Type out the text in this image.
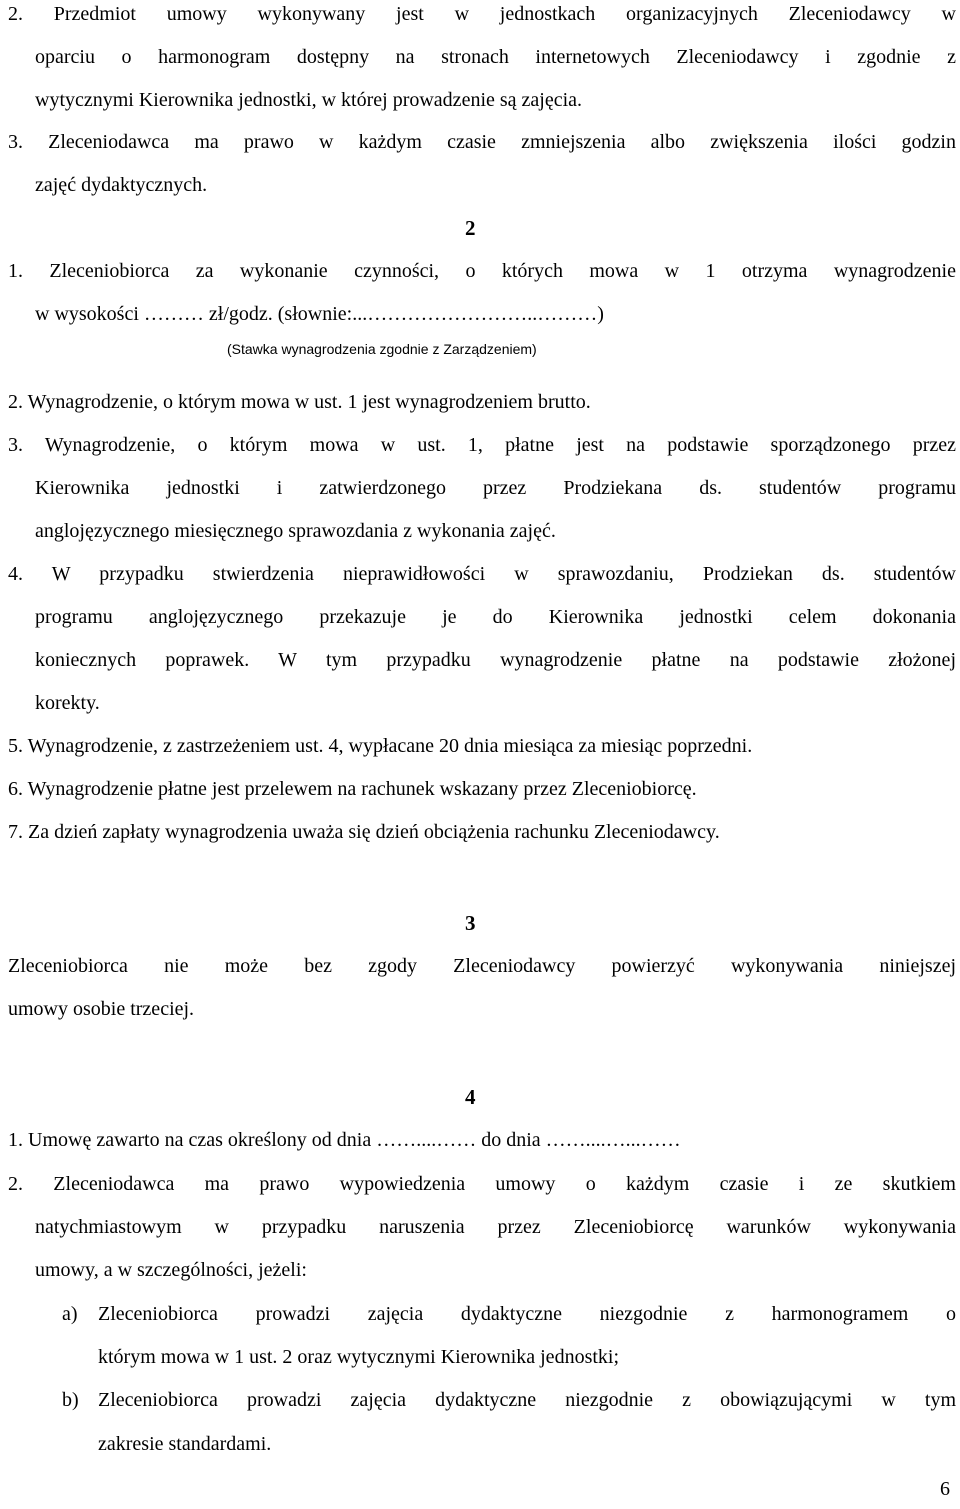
2. Przedmiot umowy wykonywany jest w jednostkach organizacyjnych Zleceniodawcy w
oparciu o harmonogram dostępny na stronach internetowych Zleceniodawcy i zgodnie z
wytycznymi Kierownika jednostki, w której prowadzenie są zajęcia.
3. Zleceniodawca ma prawo w każdym czasie zmniejszenia albo zwiększenia ilości godzin
zajęć dydaktycznych.
2
1. Zleceniobiorca za wykonanie czynności, o których mowa w 1 otrzyma wynagrodzenie
w wysokości ……… zł/godz. (słownie:...……………………..………)
(Stawka wynagrodzenia zgodnie z Zarządzeniem)
2. Wynagrodzenie, o którym mowa w ust. 1 jest wynagrodzeniem brutto.
3. Wynagrodzenie, o którym mowa w ust. 1, płatne jest na podstawie sporządzonego przez
Kierownika jednostki i zatwierdzonego przez Prodziekana ds. studentów programu
anglojęzycznego miesięcznego sprawozdania z wykonania zajęć.
4. W przypadku stwierdzenia nieprawidłowości w sprawozdaniu, Prodziekan ds. studentów
programu anglojęzycznego przekazuje je do Kierownika jednostki celem dokonania
koniecznych poprawek. W tym przypadku wynagrodzenie płatne na podstawie złożonej
korekty.
5. Wynagrodzenie, z zastrzeżeniem ust. 4, wypłacane 20 dnia miesiąca za miesiąc poprzedni.
6. Wynagrodzenie płatne jest przelewem na rachunek wskazany przez Zleceniobiorcę.
7. Za dzień zapłaty wynagrodzenia uważa się dzień obciążenia rachunku Zleceniodawcy.
3
Zleceniobiorca nie może bez zgody Zleceniodawcy powierzyć wykonywania niniejszej
umowy osobie trzeciej.
4
1. Umowę zawarto na czas określony od dnia ……....…… do dnia ……....…...……
2. Zleceniodawca ma prawo wypowiedzenia umowy o każdym czasie i ze skutkiem
natychmiastowym w przypadku naruszenia przez Zleceniobiorcę warunków wykonywania
umowy, a w szczególności, jeżeli:
a) Zleceniobiorca prowadzi zajęcia dydaktyczne niezgodnie z harmonogramem o
którym mowa w 1 ust. 2 oraz wytycznymi Kierownika jednostki;
b) Zleceniobiorca prowadzi zajęcia dydaktyczne niezgodnie z obowiązującymi w tym
zakresie standardami.
6
